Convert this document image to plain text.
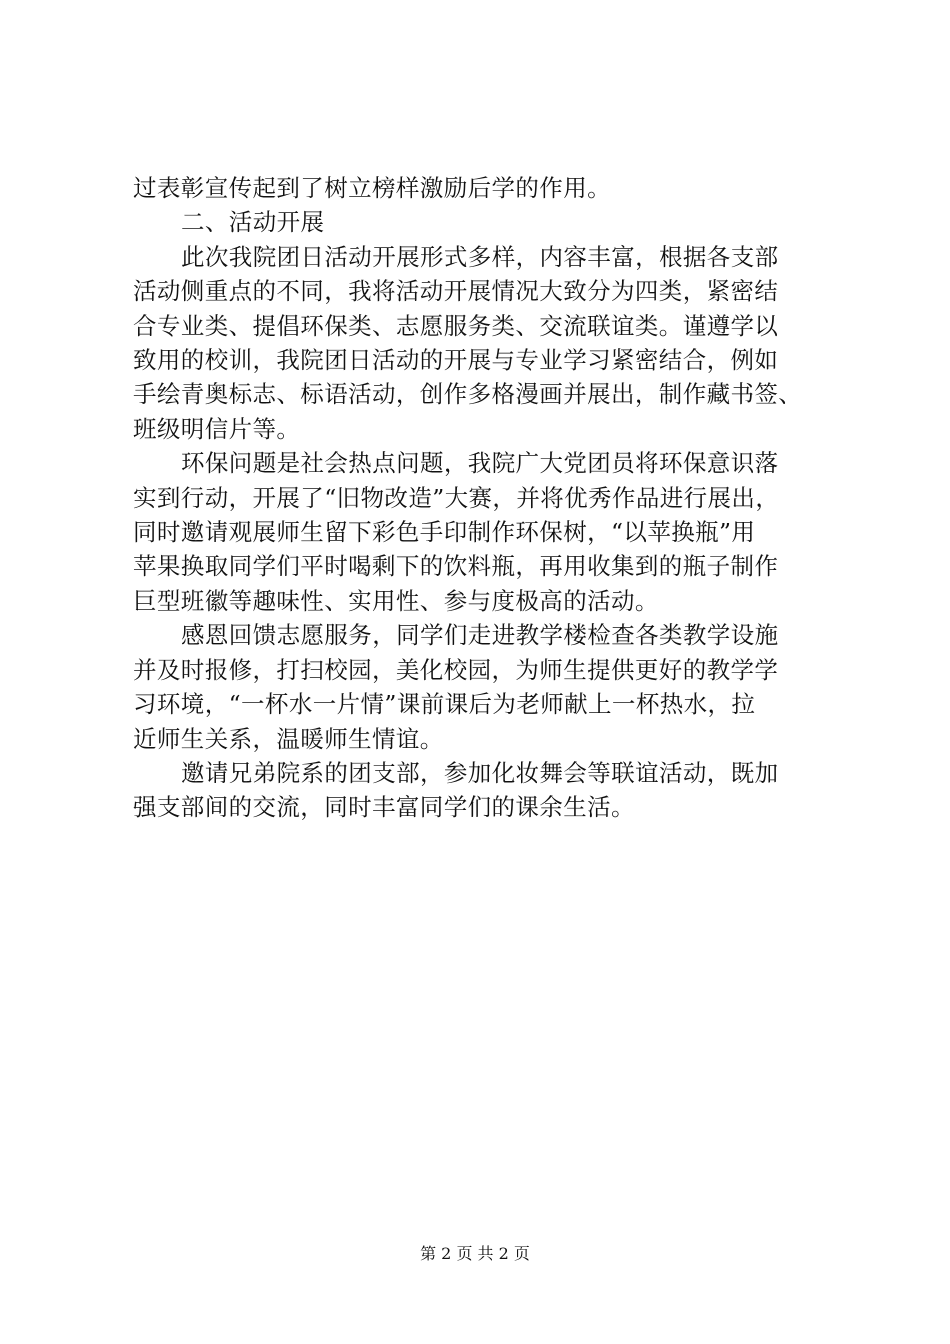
过表彰宣传起到了树立榜样激励后学的作用。
二、活动开展
此次我院团日活动开展形式多样，内容丰富，根据各支部
活动侧重点的不同，我将活动开展情况大致分为四类，紧密结
合专业类、提倡环保类、志愿服务类、交流联谊类。谨遵学以
致用的校训，我院团日活动的开展与专业学习紧密结合，例如
手绘青奥标志、标语活动，创作多格漫画并展出，制作藏书签、
班级明信片等。
环保问题是社会热点问题，我院广大党团员将环保意识落
实到行动，开展了“旧物改造”大赛，并将优秀作品进行展出，
同时邀请观展师生留下彩色手印制作环保树，“以苹换瓶”用
苹果换取同学们平时喝剩下的饮料瓶，再用收集到的瓶子制作
巨型班徽等趣味性、实用性、参与度极高的活动。
感恩回馈志愿服务，同学们走进教学楼检查各类教学设施
并及时报修，打扫校园，美化校园，为师生提供更好的教学学
习环境，“一杯水一片情”课前课后为老师献上一杯热水，拉
近师生关系，温暖师生情谊。
邀请兄弟院系的团支部，参加化妆舞会等联谊活动，既加
强支部间的交流，同时丰富同学们的课余生活。
第 2 页 共 2 页
